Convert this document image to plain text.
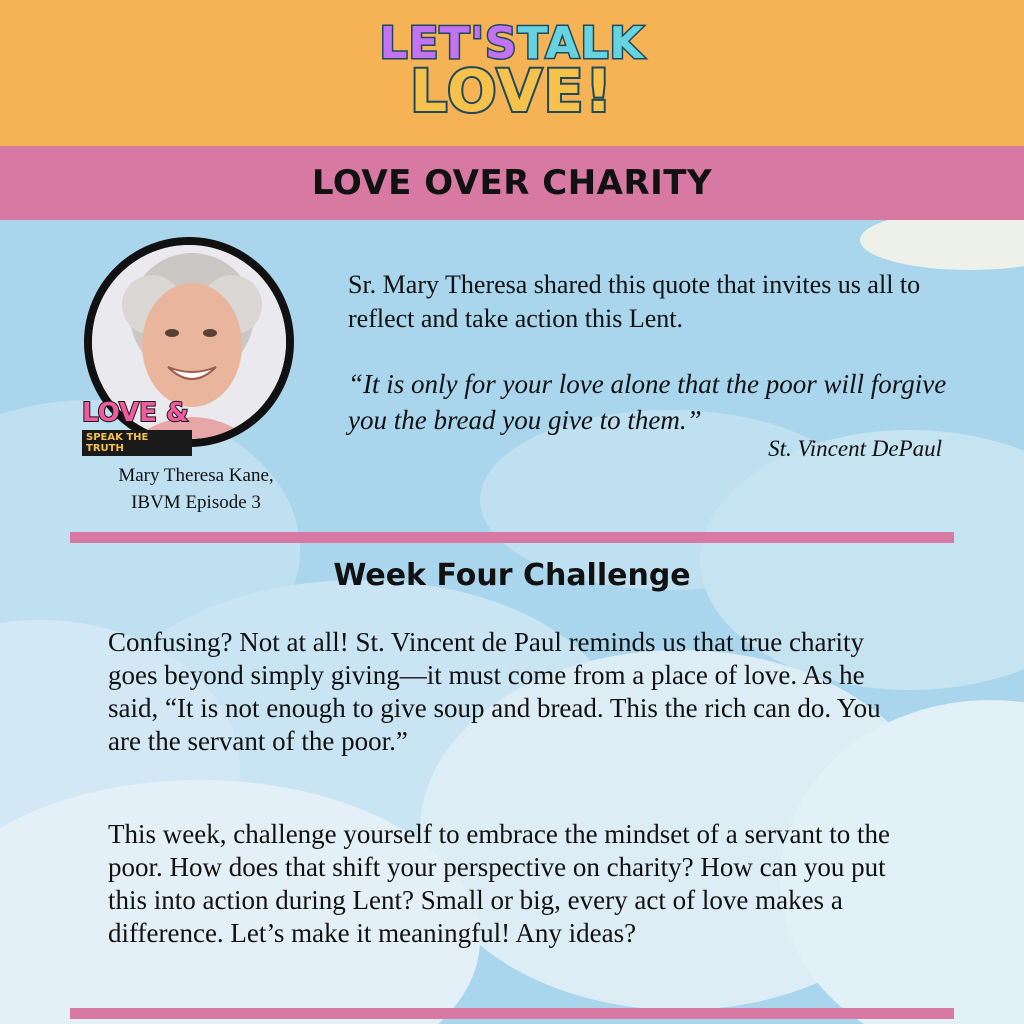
LET'STALK
LOVE!
LOVE OVER CHARITY
LOVE &
SPEAK THE TRUTH
Mary Theresa Kane,
IBVM Episode 3
Sr. Mary Theresa shared this quote that invites us all to reflect and take action this Lent.
“It is only for your love alone that the poor will forgive you the bread you give to them.”
St. Vincent DePaul
Week Four Challenge
Confusing? Not at all! St. Vincent de Paul reminds us that true charity goes beyond simply giving—it must come from a place of love. As he said, “It is not enough to give soup and bread. This the rich can do. You are the servant of the poor.”
This week, challenge yourself to embrace the mindset of a servant to the poor. How does that shift your perspective on charity? How can you put this into action during Lent? Small or big, every act of love makes a difference. Let’s make it meaningful! Any ideas?
